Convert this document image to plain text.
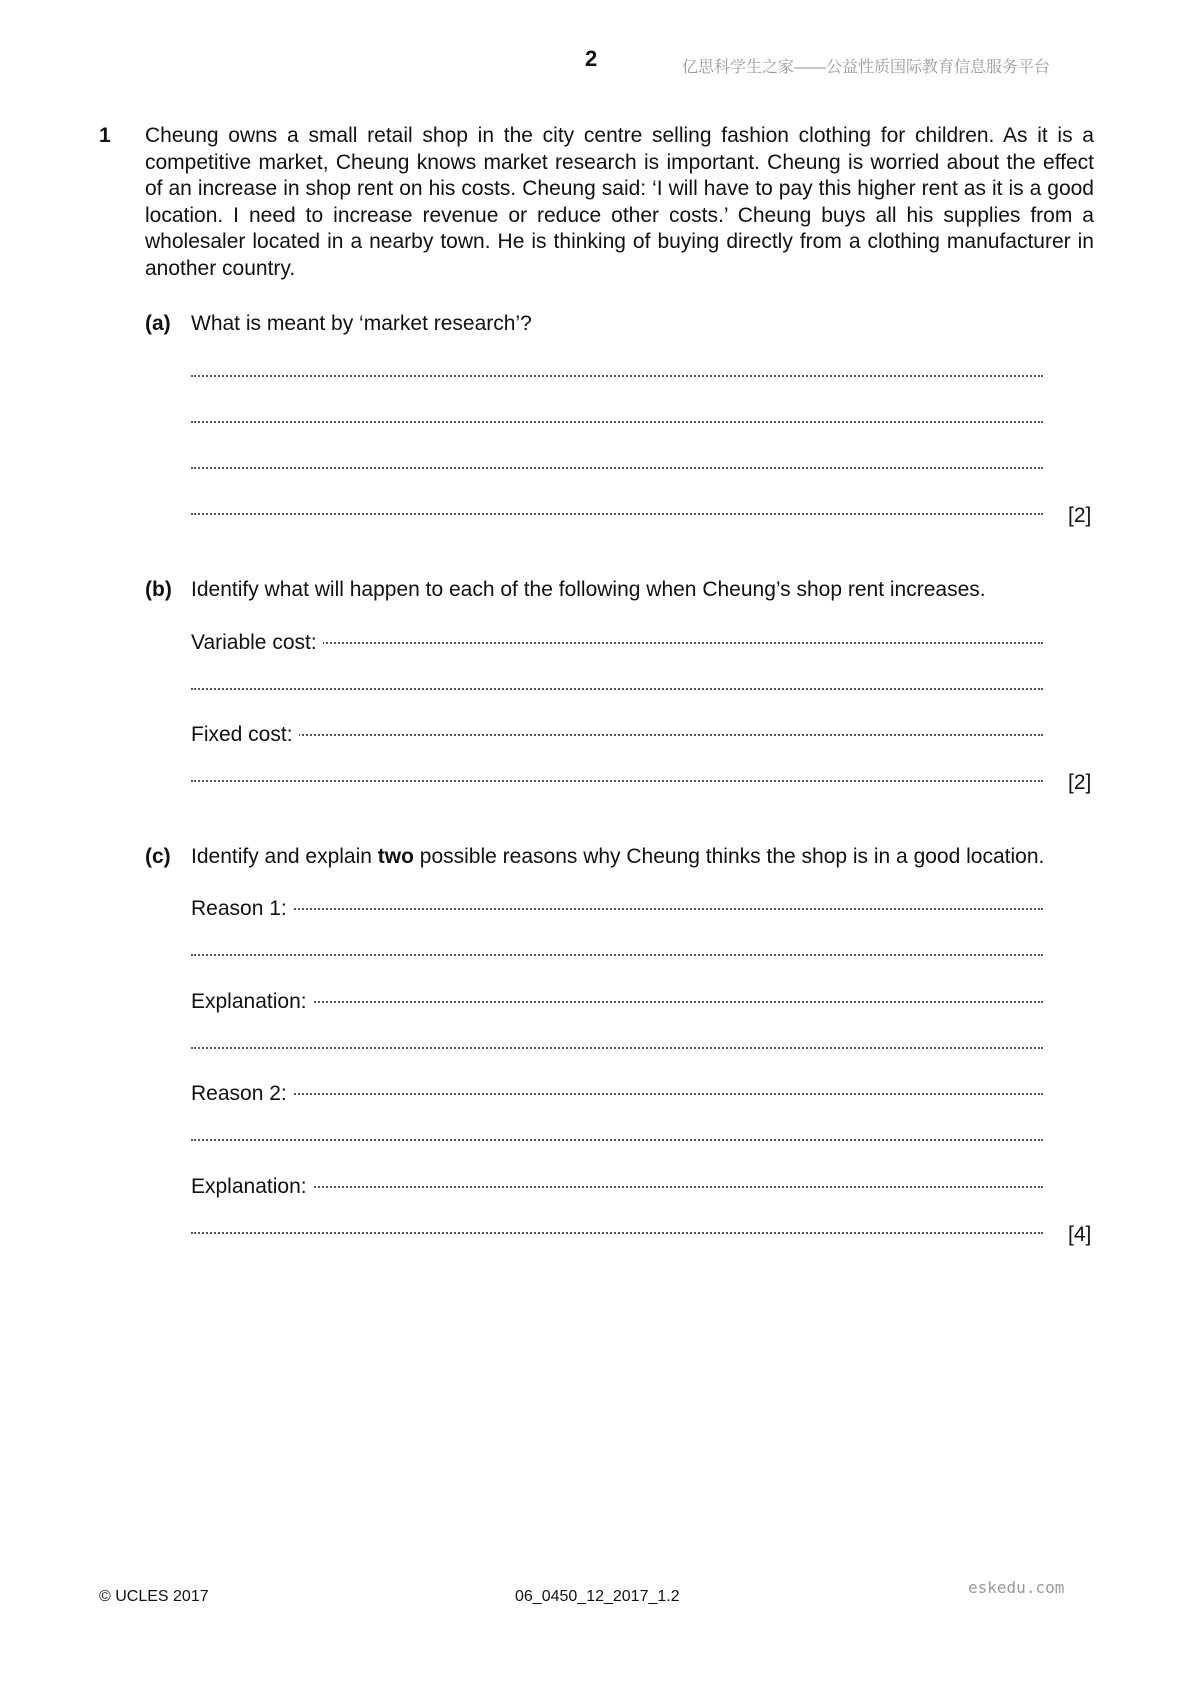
2	亿思科学生之家——公益性质国际教育信息服务平台
1 Cheung owns a small retail shop in the city centre selling fashion clothing for children. As it is a competitive market, Cheung knows market research is important. Cheung is worried about the effect of an increase in shop rent on his costs. Cheung said: ‘I will have to pay this higher rent as it is a good location. I need to increase revenue or reduce other costs.’ Cheung buys all his supplies from a wholesaler located in a nearby town. He is thinking of buying directly from a clothing manufacturer in another country.

(a) What is meant by ‘market research’?
[2]
(b) Identify what will happen to each of the following when Cheung’s shop rent increases.
Variable cost:
Fixed cost:
[2]
(c) Identify and explain two possible reasons why Cheung thinks the shop is in a good location.
Reason 1:
Explanation:
Reason 2:
Explanation:
[4]
© UCLES 2017	06_0450_12_2017_1.2	eskedu.com
